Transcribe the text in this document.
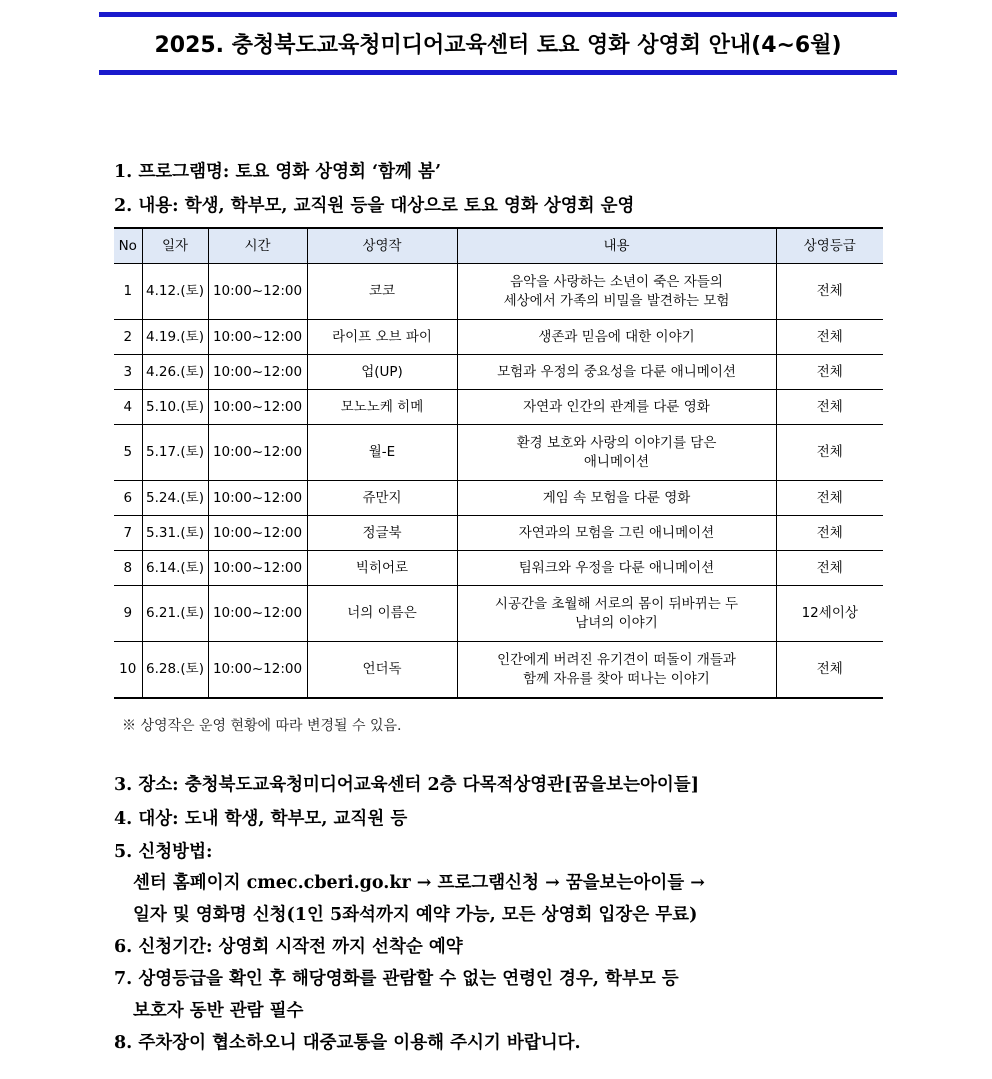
2025. 충청북도교육청미디어교육센터 토요 영화 상영회 안내(4~6월)
1. 프로그램명: 토요 영화 상영회 ‘함께 봄’
2. 내용: 학생, 학부모, 교직원 등을 대상으로 토요 영화 상영회 운영
No	일자	시간	상영작	내용	상영등급
1	4.12.(토)	10:00~12:00	코코	음악을 사랑하는 소년이 죽은 자들의
세상에서 가족의 비밀을 발견하는 모험	전체
2	4.19.(토)	10:00~12:00	라이프 오브 파이	생존과 믿음에 대한 이야기	전체
3	4.26.(토)	10:00~12:00	업(UP)	모험과 우정의 중요성을 다룬 애니메이션	전체
4	5.10.(토)	10:00~12:00	모노노케 히메	자연과 인간의 관계를 다룬 영화	전체
5	5.17.(토)	10:00~12:00	월-E	환경 보호와 사랑의 이야기를 담은
애니메이션	전체
6	5.24.(토)	10:00~12:00	쥬만지	게임 속 모험을 다룬 영화	전체
7	5.31.(토)	10:00~12:00	정글북	자연과의 모험을 그린 애니메이션	전체
8	6.14.(토)	10:00~12:00	빅히어로	팀워크와 우정을 다룬 애니메이션	전체
9	6.21.(토)	10:00~12:00	너의 이름은	시공간을 초월해 서로의 몸이 뒤바뀌는 두
남녀의 이야기	12세이상
10	6.28.(토)	10:00~12:00	언더독	인간에게 버려진 유기견이 떠돌이 개들과
함께 자유를 찾아 떠나는 이야기	전체
※ 상영작은 운영 현황에 따라 변경될 수 있음.
3. 장소: 충청북도교육청미디어교육센터 2층 다목적상영관[꿈을보는아이들]
4. 대상: 도내 학생, 학부모, 교직원 등
5. 신청방법:
센터 홈페이지 cmec.cberi.go.kr → 프로그램신청 → 꿈을보는아이들 →
일자 및 영화명 신청(1인 5좌석까지 예약 가능, 모든 상영회 입장은 무료)
6. 신청기간: 상영회 시작전 까지 선착순 예약
7. 상영등급을 확인 후 해당영화를 관람할 수 없는 연령인 경우, 학부모 등
보호자 동반 관람 필수
8. 주차장이 협소하오니 대중교통을 이용해 주시기 바랍니다.
